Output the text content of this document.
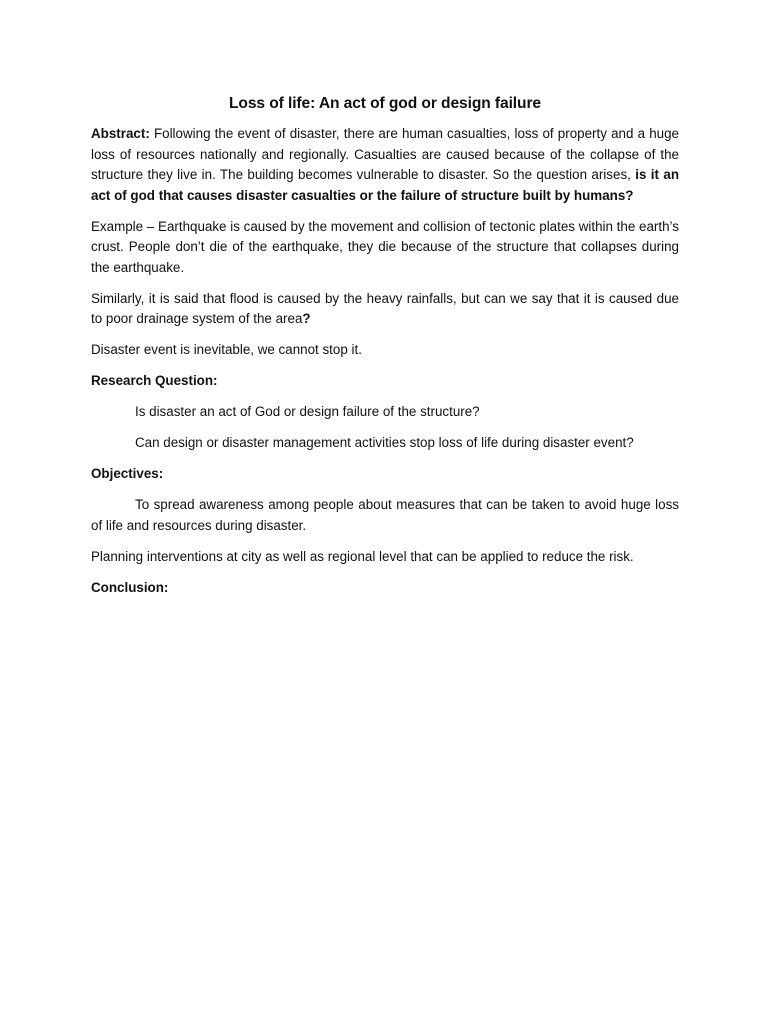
Loss of life: An act of god or design failure

Abstract: Following the event of disaster, there are human casualties, loss of property and a huge loss of resources nationally and regionally. Casualties are caused because of the collapse of the structure they live in. The building becomes vulnerable to disaster. So the question arises, is it an act of god that causes disaster casualties or the failure of structure built by humans?

Example – Earthquake is caused by the movement and collision of tectonic plates within the earth’s crust. People don’t die of the earthquake, they die because of the structure that collapses during the earthquake.

Similarly, it is said that flood is caused by the heavy rainfalls, but can we say that it is caused due to poor drainage system of the area?

Disaster event is inevitable, we cannot stop it.

Research Question:

Is disaster an act of God or design failure of the structure?

Can design or disaster management activities stop loss of life during disaster event?

Objectives:

To spread awareness among people about measures that can be taken to avoid huge loss of life and resources during disaster.

Planning interventions at city as well as regional level that can be applied to reduce the risk.

Conclusion:
